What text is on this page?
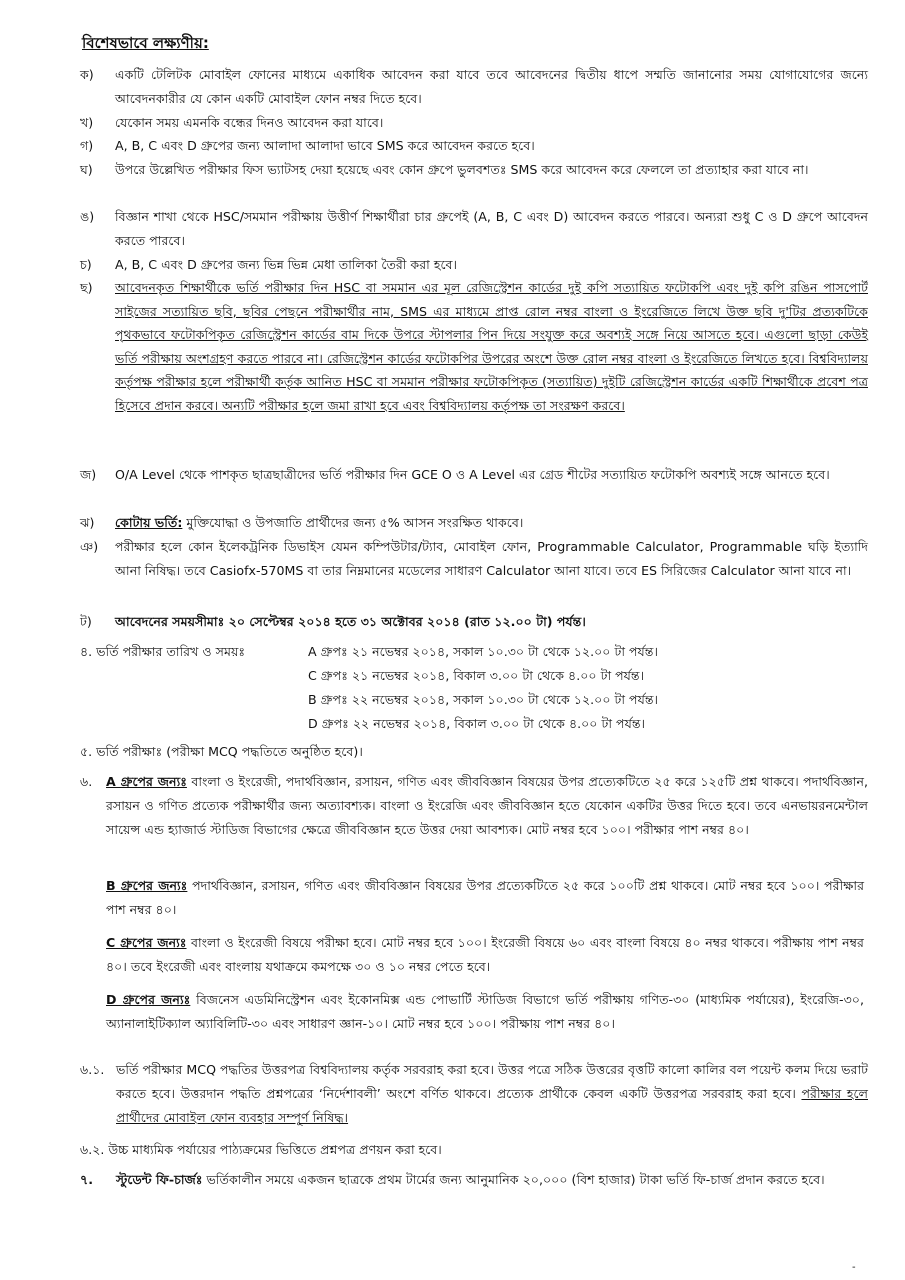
বিশেষভাবে লক্ষ্যণীয়:
ক) একটি টেলিটক মোবাইল ফোনের মাধ্যমে একাধিক আবেদন করা যাবে তবে আবেদনের দ্বিতীয় ধাপে সম্মতি জানানোর সময় যোগাযোগের জন্যে আবেদনকারীর যে কোন একটি মোবাইল ফোন নম্বর দিতে হবে।
খ) যেকোন সময় এমনকি বন্ধের দিনও আবেদন করা যাবে।
গ) A, B, C এবং D গ্রুপের জন্য আলাদা আলাদা ভাবে SMS করে আবেদন করতে হবে।
ঘ) উপরে উল্লেখিত পরীক্ষার ফিস ভ্যাটসহ দেয়া হয়েছে এবং কোন গ্রুপে ভুলবশতঃ SMS করে আবেদন করে ফেললে তা প্রত্যাহার করা যাবে না।
ঙ) বিজ্ঞান শাখা থেকে HSC/সমমান পরীক্ষায় উত্তীর্ণ শিক্ষার্থীরা চার গ্রুপেই (A, B, C এবং D) আবেদন করতে পারবে। অন্যরা শুধু C ও D গ্রুপে আবেদন করতে পারবে।
চ) A, B, C এবং D গ্রুপের জন্য ভিন্ন ভিন্ন মেধা তালিকা তৈরী করা হবে।
ছ) আবেদনকৃত শিক্ষার্থীকে ভর্তি পরীক্ষার দিন HSC বা সমমান এর মূল রেজিস্ট্রেশন কার্ডের দুই কপি সত্যায়িত ফটোকপি এবং দুই কপি রঙিন পাসপোর্ট সাইজের সত্যায়িত ছবি, ছবির পেছনে পরীক্ষার্থীর নাম, SMS এর মাধ্যমে প্রাপ্ত রোল নম্বর বাংলা ও ইংরেজিতে লিখে উক্ত ছবি দু'টির প্রত্যকটিকে পৃথকভাবে ফটোকপিকৃত রেজিস্ট্রেশন কার্ডের বাম দিকে উপরে স্টাপলার পিন দিয়ে সংযুক্ত করে অবশ্যই সঙ্গে নিয়ে আসতে হবে। এগুলো ছাড়া কেউই ভর্তি পরীক্ষায় অংশগ্রহণ করতে পারবে না। রেজিস্ট্রেশন কার্ডের ফটোকপির উপরের অংশে উক্ত রোল নম্বর বাংলা ও ইংরেজিতে লিখতে হবে। বিশ্ববিদ্যালয় কর্তৃপক্ষ পরীক্ষার হলে পরীক্ষার্থী কর্তৃক আনিত HSC বা সমমান পরীক্ষার ফটোকপিকৃত (সত্যায়িত) দুইটি রেজিস্ট্রেশন কার্ডের একটি শিক্ষার্থীকে প্রবেশ পত্র হিসেবে প্রদান করবে। অন্যটি পরীক্ষার হলে জমা রাখা হবে এবং বিশ্ববিদ্যালয় কর্তৃপক্ষ তা সংরক্ষণ করবে।
জ) O/A Level থেকে পাশকৃত ছাত্রছাত্রীদের ভর্তি পরীক্ষার দিন GCE O ও A Level এর গ্রেড শীটের সত্যায়িত ফটোকপি অবশ্যই সঙ্গে আনতে হবে।
ঝ) কোটায় ভর্তি: মুক্তিযোদ্ধা ও উপজাতি প্রার্থীদের জন্য ৫% আসন সংরক্ষিত থাকবে।
ঞ) পরীক্ষার হলে কোন ইলেকট্রনিক ডিভাইস যেমন কম্পিউটার/ট্যাব, মোবাইল ফোন, Programmable Calculator, Programmable ঘড়ি ইত্যাদি আনা নিষিদ্ধ। তবে Casiofx-570MS বা তার নিম্নমানের মডেলের সাধারণ Calculator আনা যাবে। তবে ES সিরিজের Calculator আনা যাবে না।
ট) আবেদনের সময়সীমাঃ ২০ সেপ্টেম্বর ২০১৪ হতে ৩১ অক্টোবর ২০১৪ (রাত ১২.০০ টা) পর্যন্ত।
৪. ভর্তি পরীক্ষার তারিখ ও সময়ঃ	A গ্রুপঃ ২১ নভেম্বর ২০১৪, সকাল ১০.৩০ টা থেকে ১২.০০ টা পর্যন্ত।
C গ্রুপঃ ২১ নভেম্বর ২০১৪, বিকাল ৩.০০ টা থেকে ৪.০০ টা পর্যন্ত।
B গ্রুপঃ ২২ নভেম্বর ২০১৪, সকাল ১০.৩০ টা থেকে ১২.০০ টা পর্যন্ত।
D গ্রুপঃ ২২ নভেম্বর ২০১৪, বিকাল ৩.০০ টা থেকে ৪.০০ টা পর্যন্ত।
৫. ভর্তি পরীক্ষাঃ (পরীক্ষা MCQ পদ্ধতিতে অনুষ্ঠিত হবে)।
৬. A গ্রুপের জন্যঃ বাংলা ও ইংরেজী, পদার্থবিজ্ঞান, রসায়ন, গণিত এবং জীববিজ্ঞান বিষয়ের উপর প্রত্যেকটিতে ২৫ করে ১২৫টি প্রশ্ন থাকবে। পদার্থবিজ্ঞান, রসায়ন ও গণিত প্রত্যেক পরীক্ষার্থীর জন্য অত্যাবশ্যক। বাংলা ও ইংরেজি এবং জীববিজ্ঞান হতে যেকোন একটির উত্তর দিতে হবে। তবে এনভায়রনমেন্টাল সায়েন্স এন্ড হ্যাজার্ড স্টাডিজ বিভাগের ক্ষেত্রে জীববিজ্ঞান হতে উত্তর দেয়া আবশ্যক। মোট নম্বর হবে ১০০। পরীক্ষার পাশ নম্বর ৪০।
B গ্রুপের জন্যঃ পদার্থবিজ্ঞান, রসায়ন, গণিত এবং জীববিজ্ঞান বিষয়ের উপর প্রত্যেকটিতে ২৫ করে ১০০টি প্রশ্ন থাকবে। মোট নম্বর হবে ১০০। পরীক্ষার পাশ নম্বর ৪০।
C গ্রুপের জন্যঃ বাংলা ও ইংরেজী বিষয়ে পরীক্ষা হবে। মোট নম্বর হবে ১০০। ইংরেজী বিষয়ে ৬০ এবং বাংলা বিষয়ে ৪০ নম্বর থাকবে। পরীক্ষায় পাশ নম্বর ৪০। তবে ইংরেজী এবং বাংলায় যথাক্রমে কমপক্ষে ৩০ ও ১০ নম্বর পেতে হবে।
D গ্রুপের জন্যঃ বিজনেস এডমিনিস্ট্রেশন এবং ইকোনমিক্স এন্ড পোভার্টি স্টাডিজ বিভাগে ভর্তি পরীক্ষায় গণিত-৩০ (মাধ্যমিক পর্যায়ের), ইংরেজি-৩০, অ্যানালাইটিক্যাল অ্যাবিলিটি-৩০ এবং সাধারণ জ্ঞান-১০। মোট নম্বর হবে ১০০। পরীক্ষায় পাশ নম্বর ৪০।
৬.১. ভর্তি পরীক্ষার MCQ পদ্ধতির উত্তরপত্র বিশ্ববিদ্যালয় কর্তৃক সরবরাহ করা হবে। উত্তর পত্রে সঠিক উত্তরের বৃত্তটি কালো কালির বল পয়েন্ট কলম দিয়ে ভরাট করতে হবে। উত্তরদান পদ্ধতি প্রশ্নপত্রের ‘নির্দেশাবলী’ অংশে বর্ণিত থাকবে। প্রত্যেক প্রার্থীকে কেবল একটি উত্তরপত্র সরবরাহ করা হবে। পরীক্ষার হলে প্রার্থীদের মোবাইল ফোন ব্যবহার সম্পূর্ণ নিষিদ্ধ।
৬.২. উচ্চ মাধ্যমিক পর্যায়ের পাঠ্যক্রমের ভিত্তিতে প্রশ্নপত্র প্রণয়ন করা হবে।
৭. স্টুডেন্ট ফি-চার্জঃ ভর্তিকালীন সময়ে একজন ছাত্রকে প্রথম টার্মের জন্য আনুমানিক ২০,০০০ (বিশ হাজার) টাকা ভর্তি ফি-চার্জ প্রদান করতে হবে।
-
